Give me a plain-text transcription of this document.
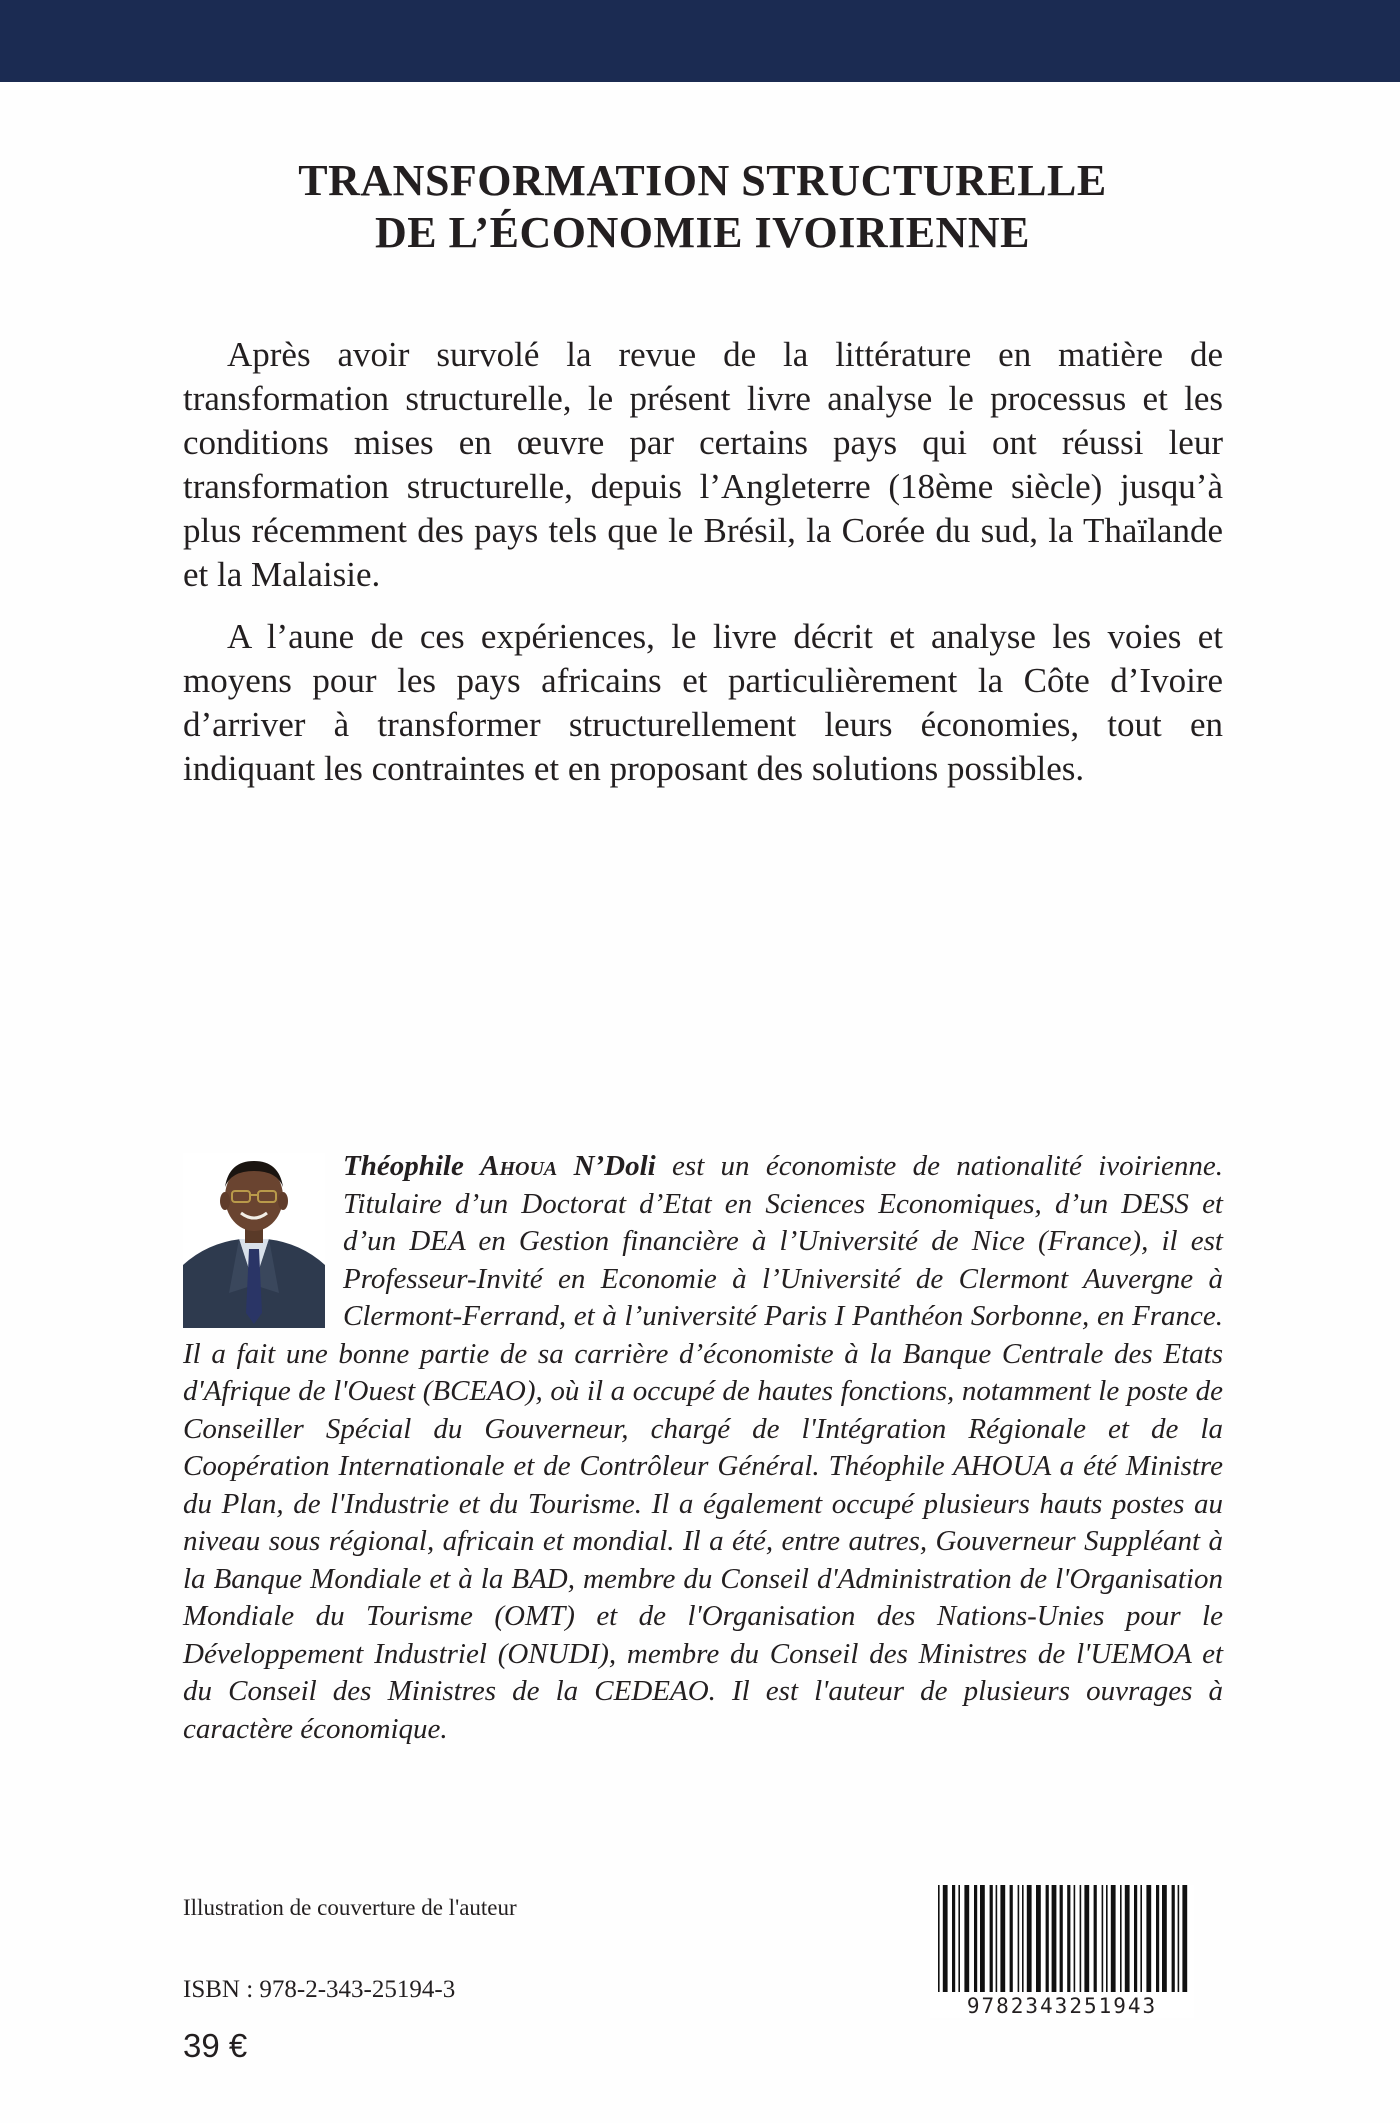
TRANSFORMATION STRUCTURELLE
DE L’ÉCONOMIE IVOIRIENNE

Après avoir survolé la revue de la littérature en matière de transformation structurelle, le présent livre analyse le processus et les conditions mises en œuvre par certains pays qui ont réussi leur transformation structurelle, depuis l’Angleterre (18ème siècle) jusqu’à plus récemment des pays tels que le Brésil, la Corée du sud, la Thaïlande et la Malaisie.

A l’aune de ces expériences, le livre décrit et analyse les voies et moyens pour les pays africains et particulièrement la Côte d’Ivoire d’arriver à transformer structurellement leurs économies, tout en indiquant les contraintes et en proposant des solutions possibles.

Théophile Ahoua N’Doli est un économiste de nationalité ivoirienne. Titulaire d’un Doctorat d’Etat en Sciences Economiques, d’un DESS et d’un DEA en Gestion financière à l’Université de Nice (France), il est Professeur-Invité en Economie à l’Université de Clermont Auvergne à Clermont-Ferrand, et à l’université Paris I Panthéon Sorbonne, en France. Il a fait une bonne partie de sa carrière d’économiste à la Banque Centrale des Etats d'Afrique de l'Ouest (BCEAO), où il a occupé de hautes fonctions, notamment le poste de Conseiller Spécial du Gouverneur, chargé de l'Intégration Régionale et de la Coopération Internationale et de Contrôleur Général. Théophile AHOUA a été Ministre du Plan, de l'Industrie et du Tourisme. Il a également occupé plusieurs hauts postes au niveau sous régional, africain et mondial. Il a été, entre autres, Gouverneur Suppléant à la Banque Mondiale et à la BAD, membre du Conseil d'Administration de l'Organisation Mondiale du Tourisme (OMT) et de l'Organisation des Nations-Unies pour le Développement Industriel (ONUDI), membre du Conseil des Ministres de l'UEMOA et du Conseil des Ministres de la CEDEAO. Il est l'auteur de plusieurs ouvrages à caractère économique.
Illustration de couverture de l'auteur
ISBN : 978-2-343-25194-3
39 €
9782343251943
